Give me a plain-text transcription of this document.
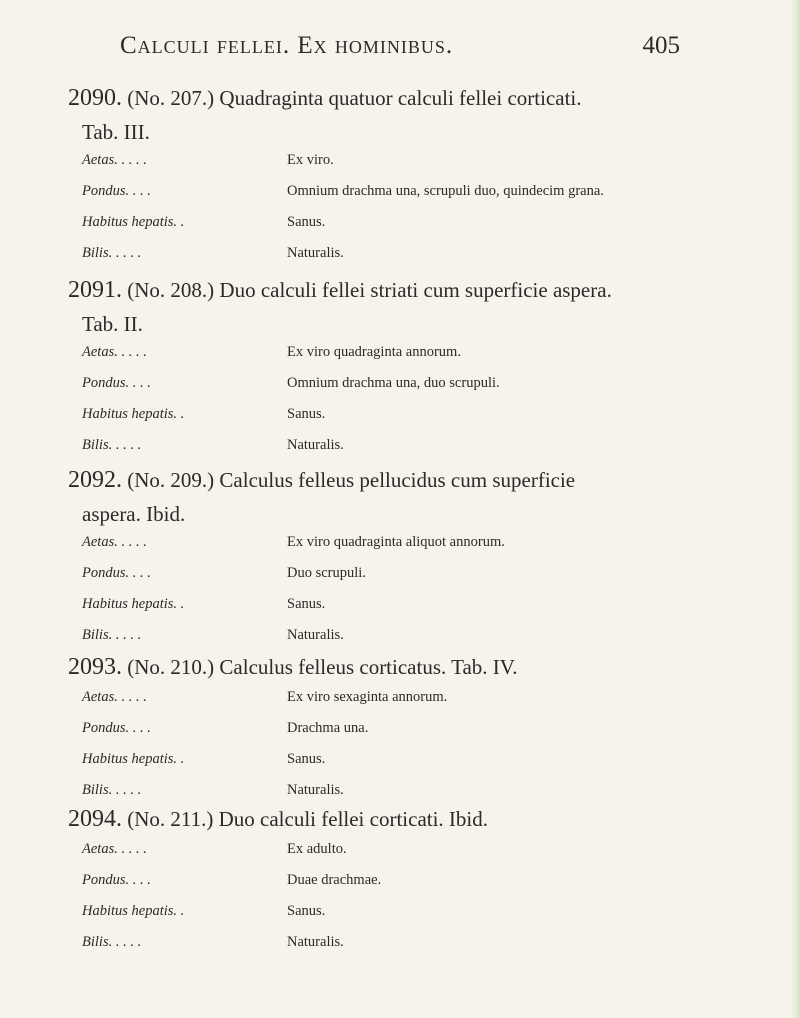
Calculi fellei. Ex hominibus.	405
2090. (No. 207.) Quadraginta quatuor calculi fellei corticati.
Tab. III.
Aetas. . . . .	Ex viro.
Pondus. . . .	Omnium drachma una, scrupuli duo, quindecim grana.
Habitus hepatis. .	Sanus.
Bilis. . . . .	Naturalis.
2091. (No. 208.) Duo calculi fellei striati cum superficie aspera.
Tab. II.
Aetas. . . . .	Ex viro quadraginta annorum.
Pondus. . . .	Omnium drachma una, duo scrupuli.
Habitus hepatis. .	Sanus.
Bilis. . . . .	Naturalis.
2092. (No. 209.) Calculus felleus pellucidus cum superficie
aspera. Ibid.
Aetas. . . . .	Ex viro quadraginta aliquot annorum.
Pondus. . . .	Duo scrupuli.
Habitus hepatis. .	Sanus.
Bilis. . . . .	Naturalis.
2093. (No. 210.) Calculus felleus corticatus. Tab. IV.
Aetas. . . . .	Ex viro sexaginta annorum.
Pondus. . . .	Drachma una.
Habitus hepatis. .	Sanus.
Bilis. . . . .	Naturalis.
2094. (No. 211.) Duo calculi fellei corticati. Ibid.
Aetas. . . . .	Ex adulto.
Pondus. . . .	Duae drachmae.
Habitus hepatis. .	Sanus.
Bilis. . . . .	Naturalis.
